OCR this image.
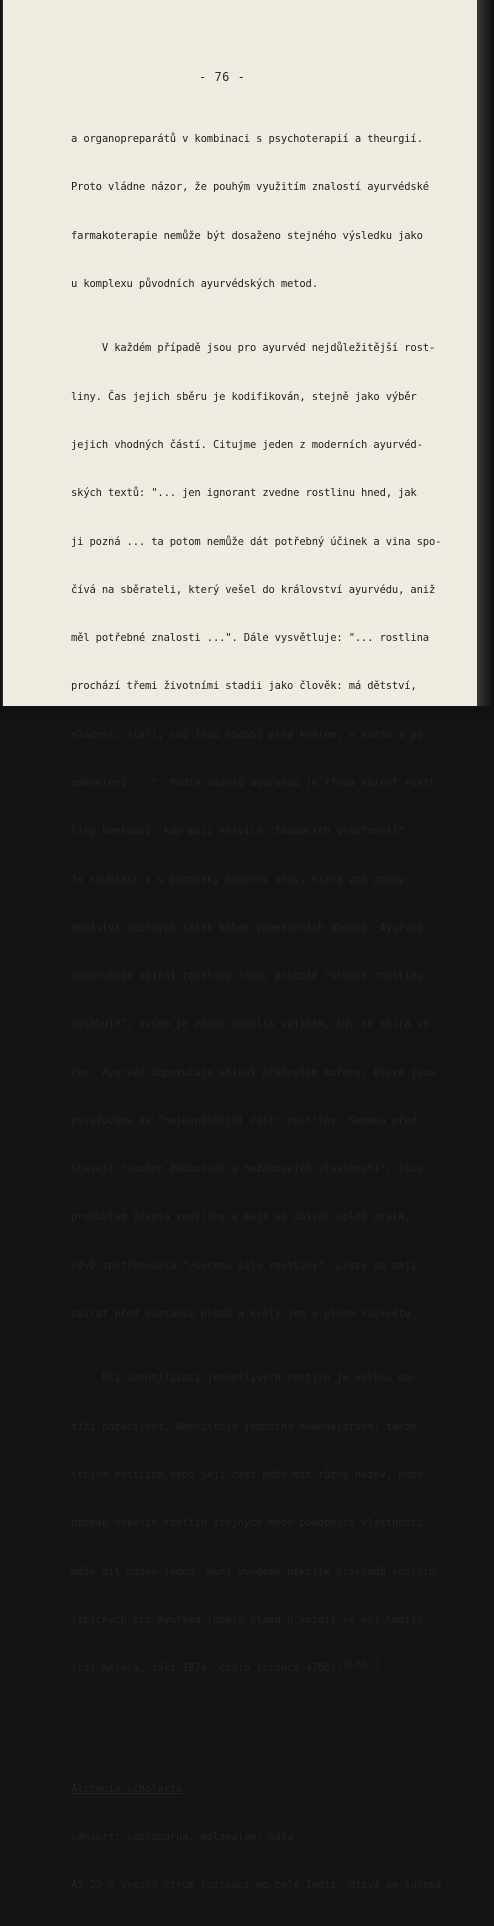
- 76 -

a organopreparátů v kombinaci s psychoterapií a theurgií.

Proto vládne názor, že pouhým využitím znalostí ayurvédské

farmakoterapie nemůže být dosaženo stejného výsledku jako

u komplexu původních ayurvédských metod.

V každém případě jsou pro ayurvéd nejdůležitější rost-

liny. Čas jejich sběru je kodifikován, stejně jako výběr

jejich vhodných částí. Citujme jeden z moderních ayurvéd-

ských textů: "... jen ignorant zvedne rostlinu hned, jak

ji pozná ... ta potom nemůže dát potřebný účinek a vina spo-

čívá na sběrateli, který vešel do království ayurvédu, aniž

měl potřebné znalosti ...". Dále vysvětluje: "... rostlina

prochází třemi životními stadii jako člověk: má dětství,

mladost, stáří, což jsou období před květem, v květu a po

odkvetení ...". Podle názorů ayurvédu je třeba sbírat rostl-

liny kvetoucí, kdy mají nejvíce "žádoucích vlastností".

To souhlasí i s poznatky moderní vědy, která zná změny

množství účinných látek během vegetačních období. Ayurvéd

doporučuje sbírat rostliny ráno, protože "slunce rostlinu

oslabuje", ovšem je známo několik výjimek, kdy se sbírá ve-

čer. Ayurvéd doporučuje sbírat především kořeny, které jsou

považovány za "nejúspěšnější část" rostliny. Semena před-

stavují "souhrn žádoucích i nežádoucích vlastností", jsou

produktem života rostliny a mají se sbírat úplně zralá,

když spotřebovala "všechnu sílu rostliny". Listy se mají

sbírat před dozráním plodů a květy jen v plném rozkvětu.

Při identifikaci jednotlivých rostlin je velkou ob-

tíží názvosloví. Neexistuje jednotná nomenklatura, takže

stejná rostlina nebo její část může mít různý název, nebo

naopak několik rostlin stejných nebo podobných vlastností

může mít název jeden. Nyní uvedeme několik příkladů rostlin

typických pro Ayurvéd (podle stavu u vaidjí ve vsi Kumili,

stát Kérala, září 1974, číslo licence 4766):$^{36,64,71}$

Alstonia scholaris

sánskrt: saptaparna, malayalam: pala

Až 25 m vysoký strom rostoucí po celé Indii. Užívá se sušená
